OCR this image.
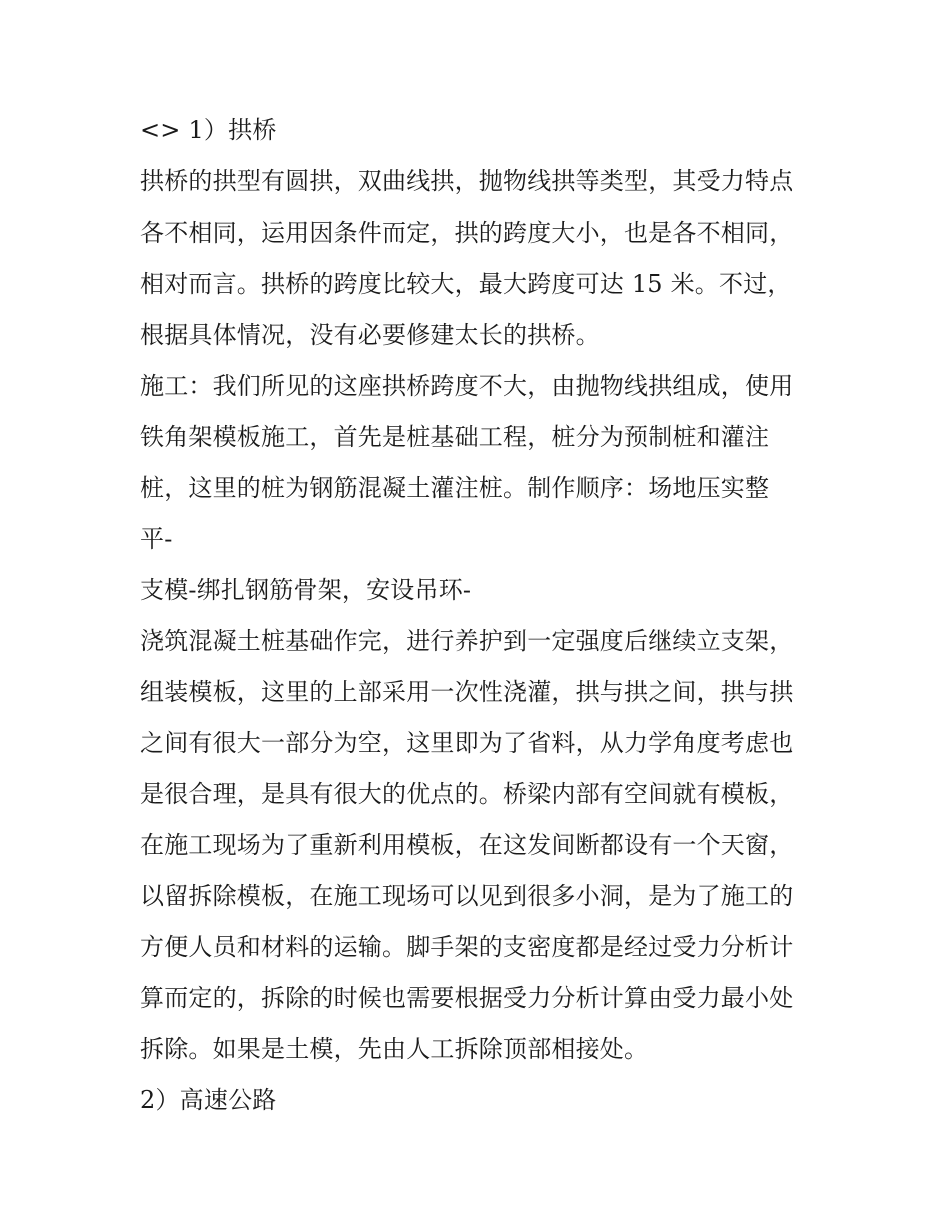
<> 1）拱桥
拱桥的拱型有圆拱，双曲线拱，抛物线拱等类型，其受力特点
各不相同，运用因条件而定，拱的跨度大小，也是各不相同，
相对而言。拱桥的跨度比较大，最大跨度可达 15 米。不过，
根据具体情况，没有必要修建太长的拱桥。
施工：我们所见的这座拱桥跨度不大，由抛物线拱组成，使用
铁角架模板施工，首先是桩基础工程，桩分为预制桩和灌注
桩，这里的桩为钢筋混凝土灌注桩。制作顺序：场地压实整
平-
支模-绑扎钢筋骨架，安设吊环-
浇筑混凝土桩基础作完，进行养护到一定强度后继续立支架，
组装模板，这里的上部采用一次性浇灌，拱与拱之间，拱与拱
之间有很大一部分为空，这里即为了省料，从力学角度考虑也
是很合理，是具有很大的优点的。桥梁内部有空间就有模板，
在施工现场为了重新利用模板，在这发间断都设有一个天窗，
以留拆除模板，在施工现场可以见到很多小洞，是为了施工的
方便人员和材料的运输。脚手架的支密度都是经过受力分析计
算而定的，拆除的时候也需要根据受力分析计算由受力最小处
拆除。如果是土模，先由人工拆除顶部相接处。
2）高速公路
